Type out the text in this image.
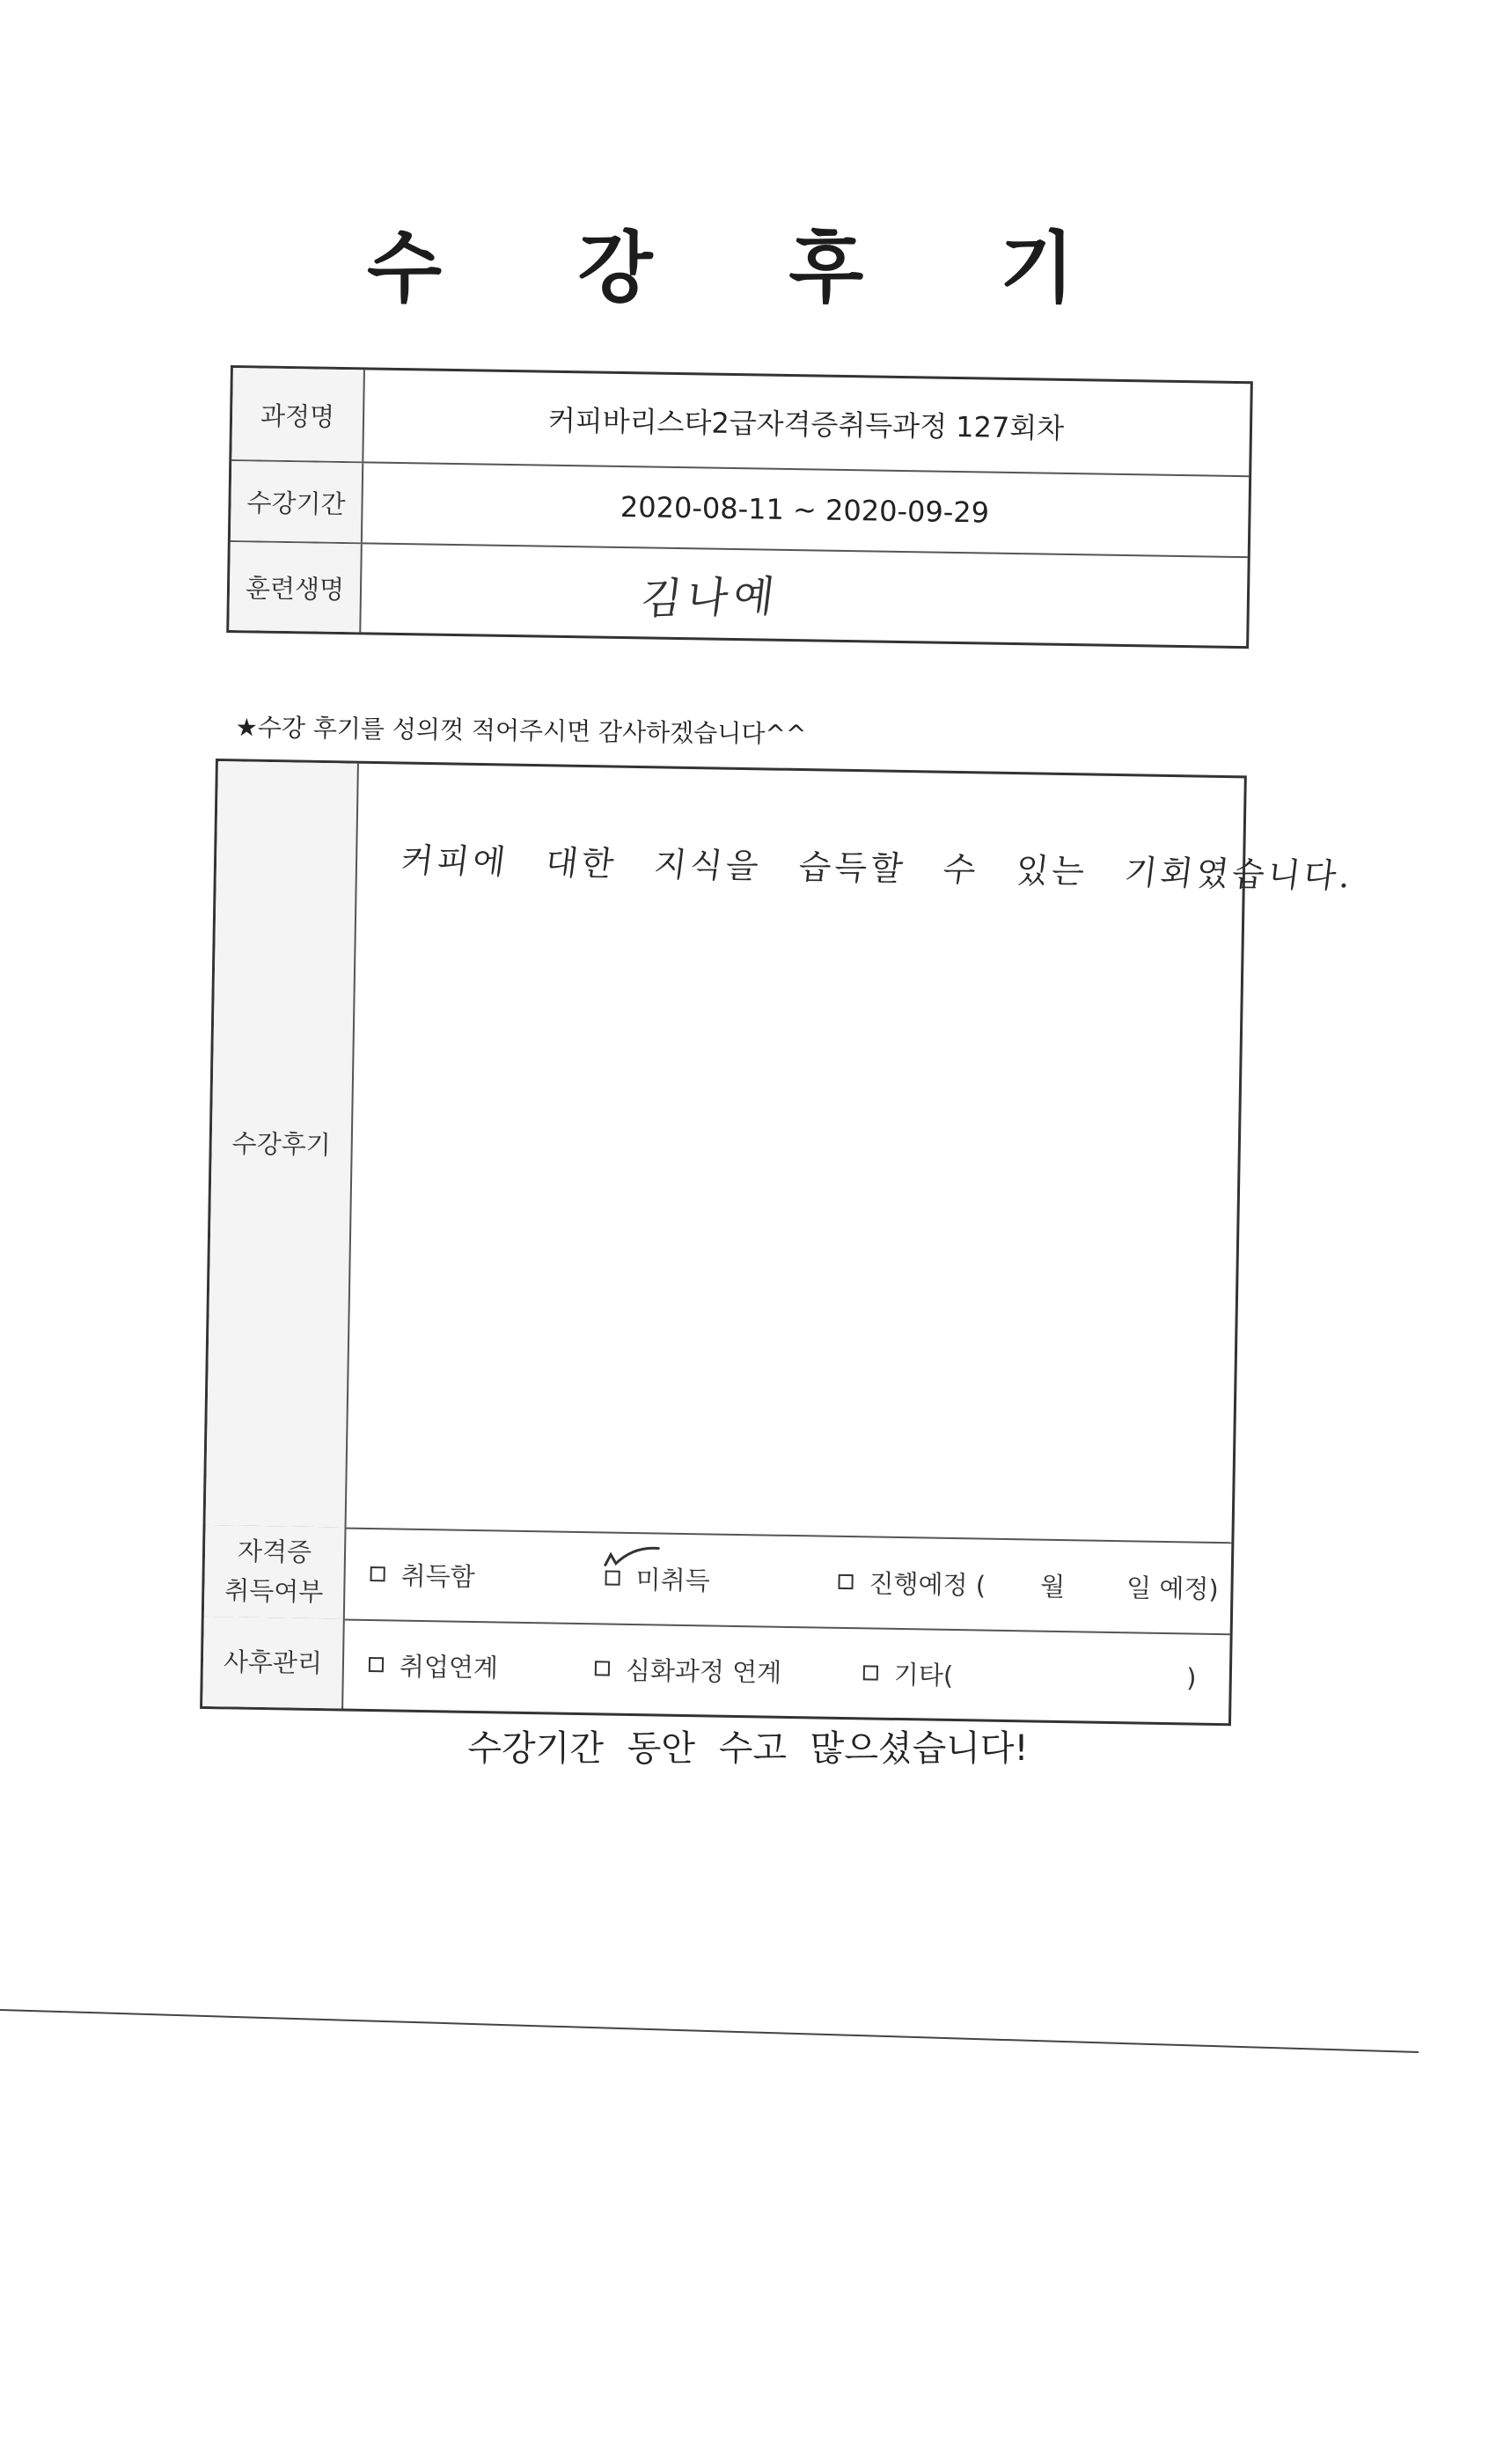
수 강 후 기
과정명	커피바리스타2급자격증취득과정 127회차
수강기간	2020-08-11 ~ 2020-09-29
훈련생명	김나예
★수강 후기를 성의껏 적어주시면 감사하겠습니다^^
수강후기
커피에 대한 지식을 습득할 수 있는 기회였습니다.
자격증
취득여부	취득함	미취득	진행예정 ( 월 일 예정)
사후관리	취업연계	심화과정 연계	기타(	)
수강기간 동안 수고 많으셨습니다!
